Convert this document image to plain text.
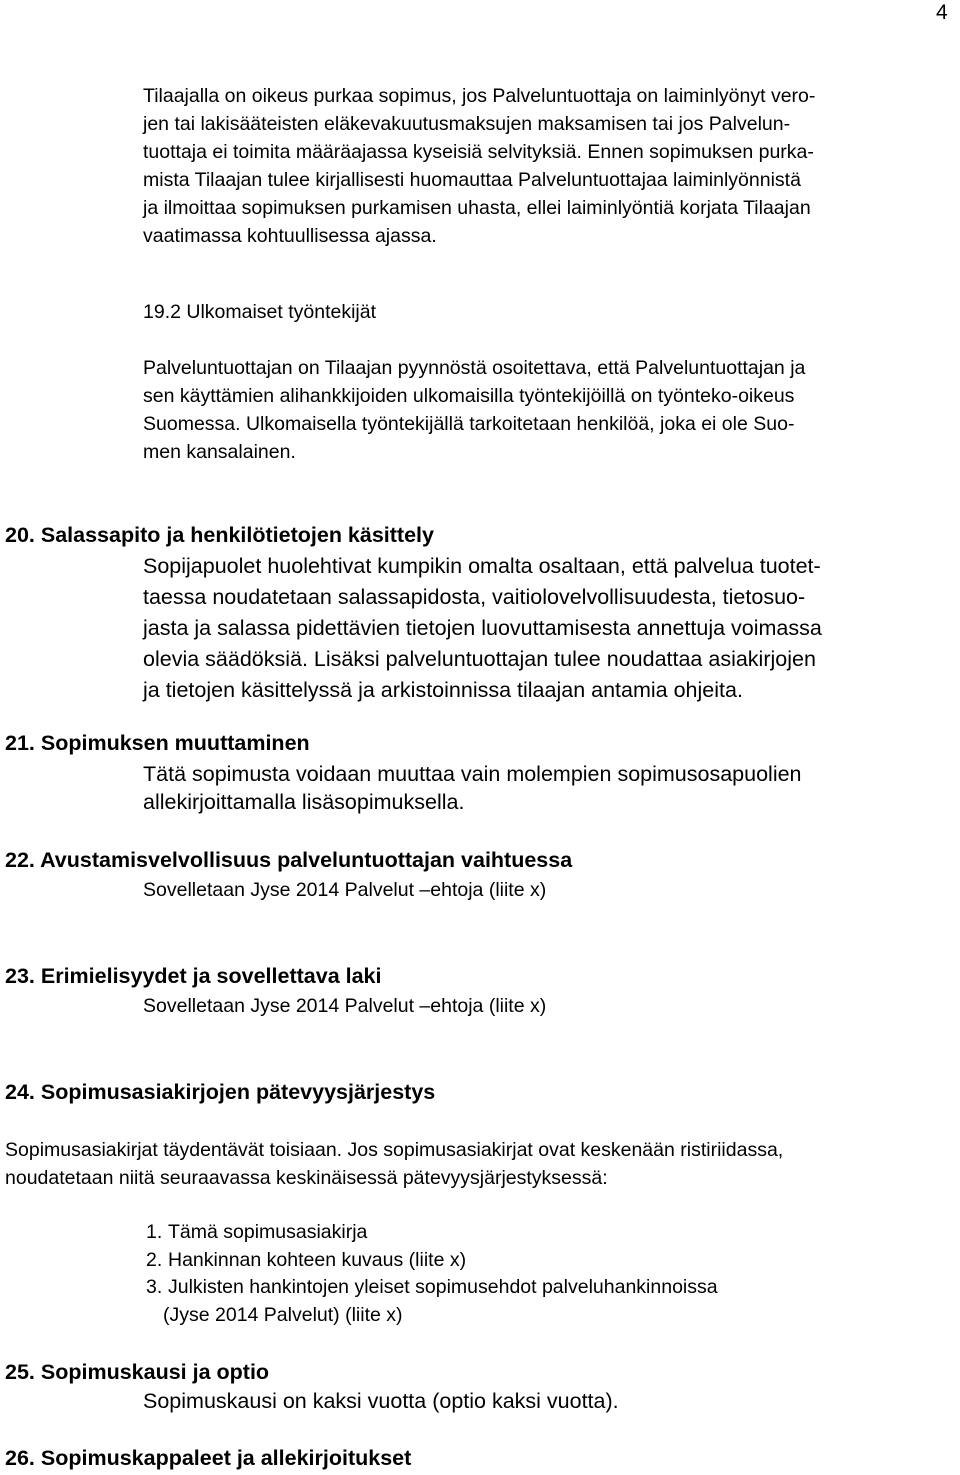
4

Tilaajalla on oikeus purkaa sopimus, jos Palveluntuottaja on laiminlyönyt vero-

jen tai lakisääteisten eläkevakuutusmaksujen maksamisen tai jos Palvelun-

tuottaja ei toimita määräajassa kyseisiä selvityksiä. Ennen sopimuksen purka-

mista Tilaajan tulee kirjallisesti huomauttaa Palveluntuottajaa laiminlyönnistä

ja ilmoittaa sopimuksen purkamisen uhasta, ellei laiminlyöntiä korjata Tilaajan

vaatimassa kohtuullisessa ajassa.

19.2 Ulkomaiset työntekijät

Palveluntuottajan on Tilaajan pyynnöstä osoitettava, että Palveluntuottajan ja

sen käyttämien alihankkijoiden ulkomaisilla työntekijöillä on työnteko-oikeus

Suomessa. Ulkomaisella työntekijällä tarkoitetaan henkilöä, joka ei ole Suo-

men kansalainen.

20. Salassapito ja henkilötietojen käsittely

Sopijapuolet huolehtivat kumpikin omalta osaltaan, että palvelua tuotet-

taessa noudatetaan salassapidosta, vaitiolovelvollisuudesta, tietosuo-

jasta ja salassa pidettävien tietojen luovuttamisesta annettuja voimassa

olevia säädöksiä. Lisäksi palveluntuottajan tulee noudattaa asiakirjojen

ja tietojen käsittelyssä ja arkistoinnissa tilaajan antamia ohjeita.

21. Sopimuksen muuttaminen

Tätä sopimusta voidaan muuttaa vain molempien sopimusosapuolien

allekirjoittamalla lisäsopimuksella.

22. Avustamisvelvollisuus palveluntuottajan vaihtuessa

Sovelletaan Jyse 2014 Palvelut –ehtoja (liite x)

23. Erimielisyydet ja sovellettava laki

Sovelletaan Jyse 2014 Palvelut –ehtoja (liite x)

24. Sopimusasiakirjojen pätevyysjärjestys

Sopimusasiakirjat täydentävät toisiaan. Jos sopimusasiakirjat ovat keskenään ristiriidassa,

noudatetaan niitä seuraavassa keskinäisessä pätevyysjärjestyksessä:

1. Tämä sopimusasiakirja

2. Hankinnan kohteen kuvaus (liite x)

3. Julkisten hankintojen yleiset sopimusehdot palveluhankinnoissa

(Jyse 2014 Palvelut) (liite x)

25. Sopimuskausi ja optio

Sopimuskausi on kaksi vuotta (optio kaksi vuotta).

26. Sopimuskappaleet ja allekirjoitukset
